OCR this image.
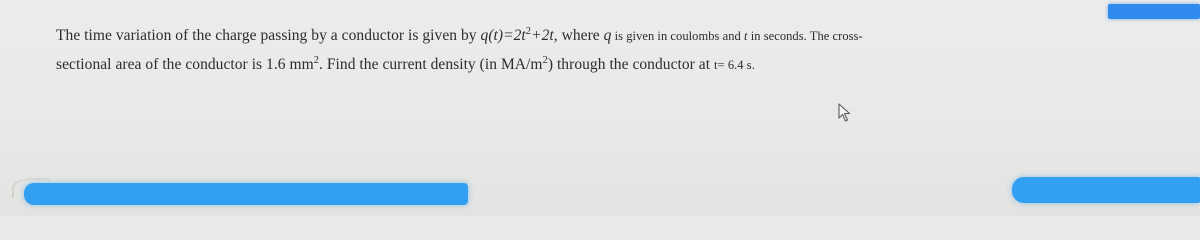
The time variation of the charge passing by a conductor is given by $q(t)=2t^2+2t$, where q is given in coulombs and t in seconds. The cross-
sectional area of the conductor is 1.6 $mm^2$. Find the current density (in $MA/m^2$) through the conductor at t= 6.4 s.
